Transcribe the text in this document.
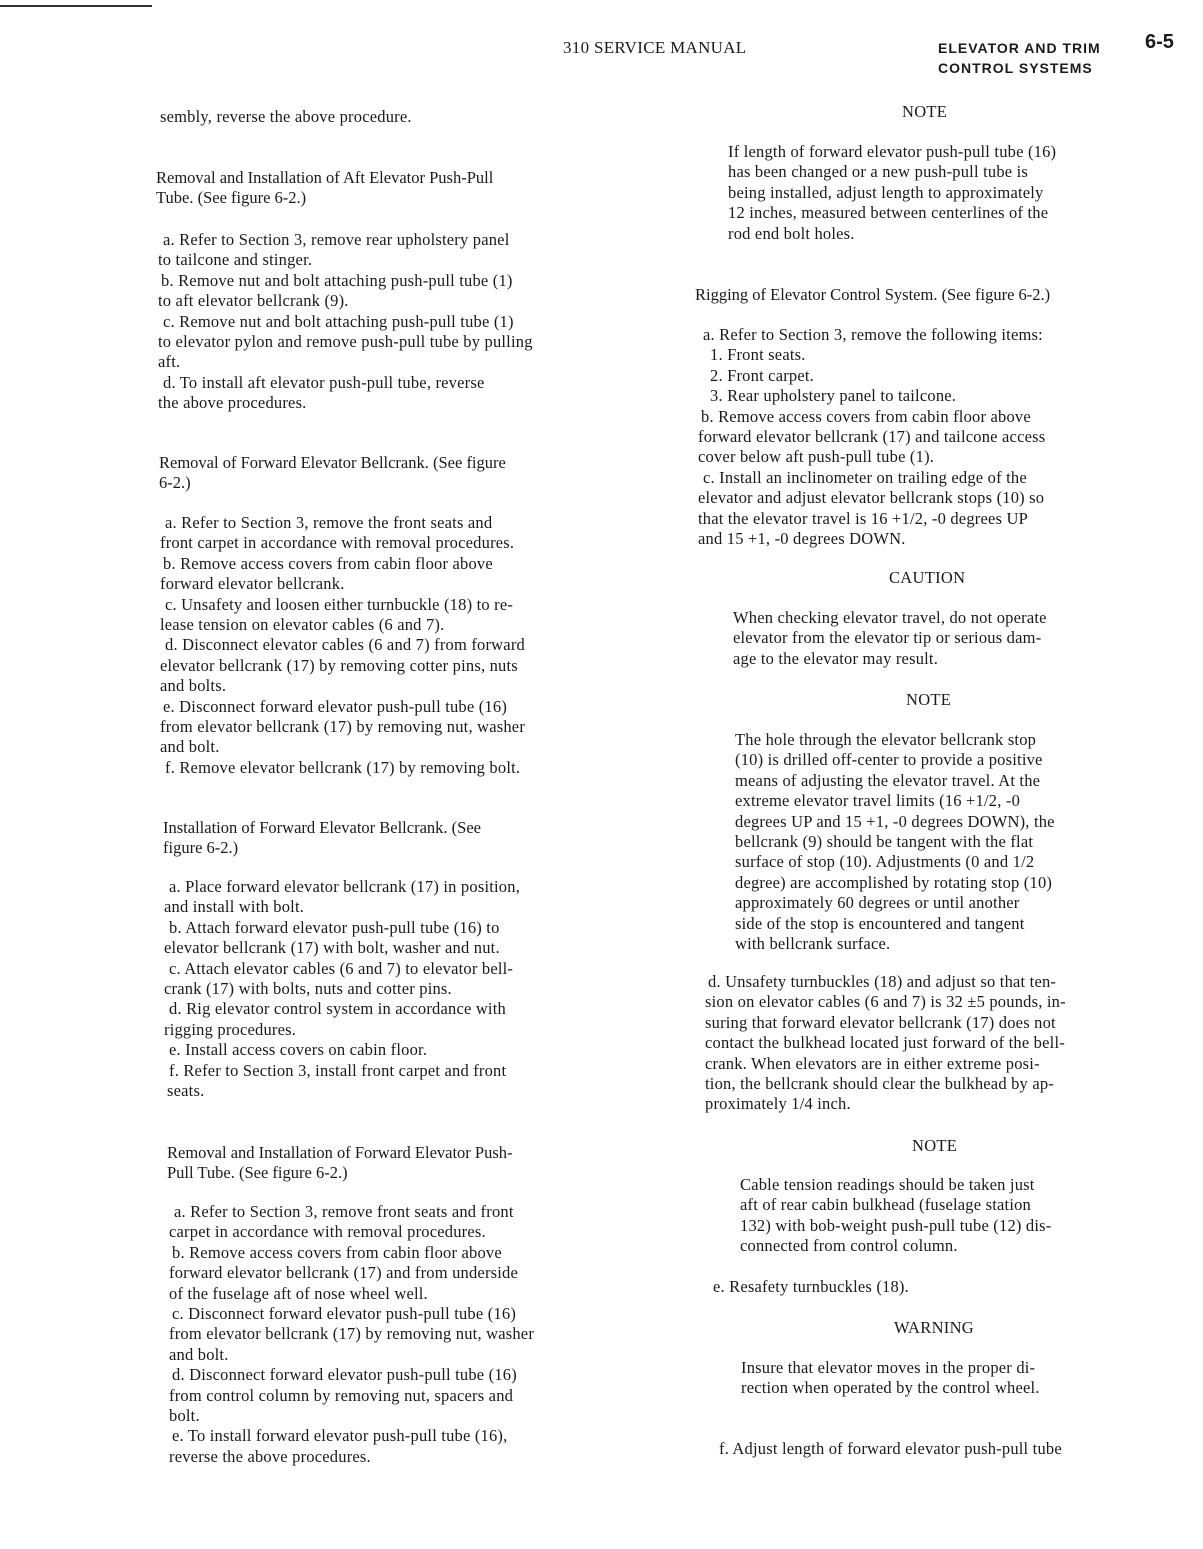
310 SERVICE MANUAL	ELEVATOR AND TRIM
CONTROL SYSTEMS
6-5

sembly, reverse the above procedure.

Removal and Installation of Aft Elevator Push-Pull
Tube. (See figure 6-2.)
a. Refer to Section 3, remove rear upholstery panel
to tailcone and stinger.
b. Remove nut and bolt attaching push-pull tube (1)
to aft elevator bellcrank (9).
c. Remove nut and bolt attaching push-pull tube (1)
to elevator pylon and remove push-pull tube by pulling
aft.
d. To install aft elevator push-pull tube, reverse
the above procedures.
Removal of Forward Elevator Bellcrank. (See figure
6-2.)
a. Refer to Section 3, remove the front seats and
front carpet in accordance with removal procedures.
b. Remove access covers from cabin floor above
forward elevator bellcrank.
c. Unsafety and loosen either turnbuckle (18) to re-
lease tension on elevator cables (6 and 7).
d. Disconnect elevator cables (6 and 7) from forward
elevator bellcrank (17) by removing cotter pins, nuts
and bolts.
e. Disconnect forward elevator push-pull tube (16)
from elevator bellcrank (17) by removing nut, washer
and bolt.
f. Remove elevator bellcrank (17) by removing bolt.
Installation of Forward Elevator Bellcrank. (See
figure 6-2.)
a. Place forward elevator bellcrank (17) in position,
and install with bolt.
b. Attach forward elevator push-pull tube (16) to
elevator bellcrank (17) with bolt, washer and nut.
c. Attach elevator cables (6 and 7) to elevator bell-
crank (17) with bolts, nuts and cotter pins.
d. Rig elevator control system in accordance with
rigging procedures.
e. Install access covers on cabin floor.
f. Refer to Section 3, install front carpet and front
seats.
Removal and Installation of Forward Elevator Push-
Pull Tube. (See figure 6-2.)
a. Refer to Section 3, remove front seats and front
carpet in accordance with removal procedures.
b. Remove access covers from cabin floor above
forward elevator bellcrank (17) and from underside
of the fuselage aft of nose wheel well.
c. Disconnect forward elevator push-pull tube (16)
from elevator bellcrank (17) by removing nut, washer
and bolt.
d. Disconnect forward elevator push-pull tube (16)
from control column by removing nut, spacers and
bolt.
e. To install forward elevator push-pull tube (16),
reverse the above procedures.
NOTE
If length of forward elevator push-pull tube (16)
has been changed or a new push-pull tube is
being installed, adjust length to approximately
12 inches, measured between centerlines of the
rod end bolt holes.
Rigging of Elevator Control System. (See figure 6-2.)
a. Refer to Section 3, remove the following items:
1. Front seats.
2. Front carpet.
3. Rear upholstery panel to tailcone.
b. Remove access covers from cabin floor above
forward elevator bellcrank (17) and tailcone access
cover below aft push-pull tube (1).
c. Install an inclinometer on trailing edge of the
elevator and adjust elevator bellcrank stops (10) so
that the elevator travel is 16 +1/2, -0 degrees UP
and 15 +1, -0 degrees DOWN.
CAUTION
When checking elevator travel, do not operate
elevator from the elevator tip or serious dam-
age to the elevator may result.
NOTE
The hole through the elevator bellcrank stop
(10) is drilled off-center to provide a positive
means of adjusting the elevator travel. At the
extreme elevator travel limits (16 +1/2, -0
degrees UP and 15 +1, -0 degrees DOWN), the
bellcrank (9) should be tangent with the flat
surface of stop (10). Adjustments (0 and 1/2
degree) are accomplished by rotating stop (10)
approximately 60 degrees or until another
side of the stop is encountered and tangent
with bellcrank surface.
d. Unsafety turnbuckles (18) and adjust so that ten-
sion on elevator cables (6 and 7) is 32 ±5 pounds, in-
suring that forward elevator bellcrank (17) does not
contact the bulkhead located just forward of the bell-
crank. When elevators are in either extreme posi-
tion, the bellcrank should clear the bulkhead by ap-
proximately 1/4 inch.
NOTE
Cable tension readings should be taken just
aft of rear cabin bulkhead (fuselage station
132) with bob-weight push-pull tube (12) dis-
connected from control column.
e. Resafety turnbuckles (18).
WARNING
Insure that elevator moves in the proper di-
rection when operated by the control wheel.
f. Adjust length of forward elevator push-pull tube
